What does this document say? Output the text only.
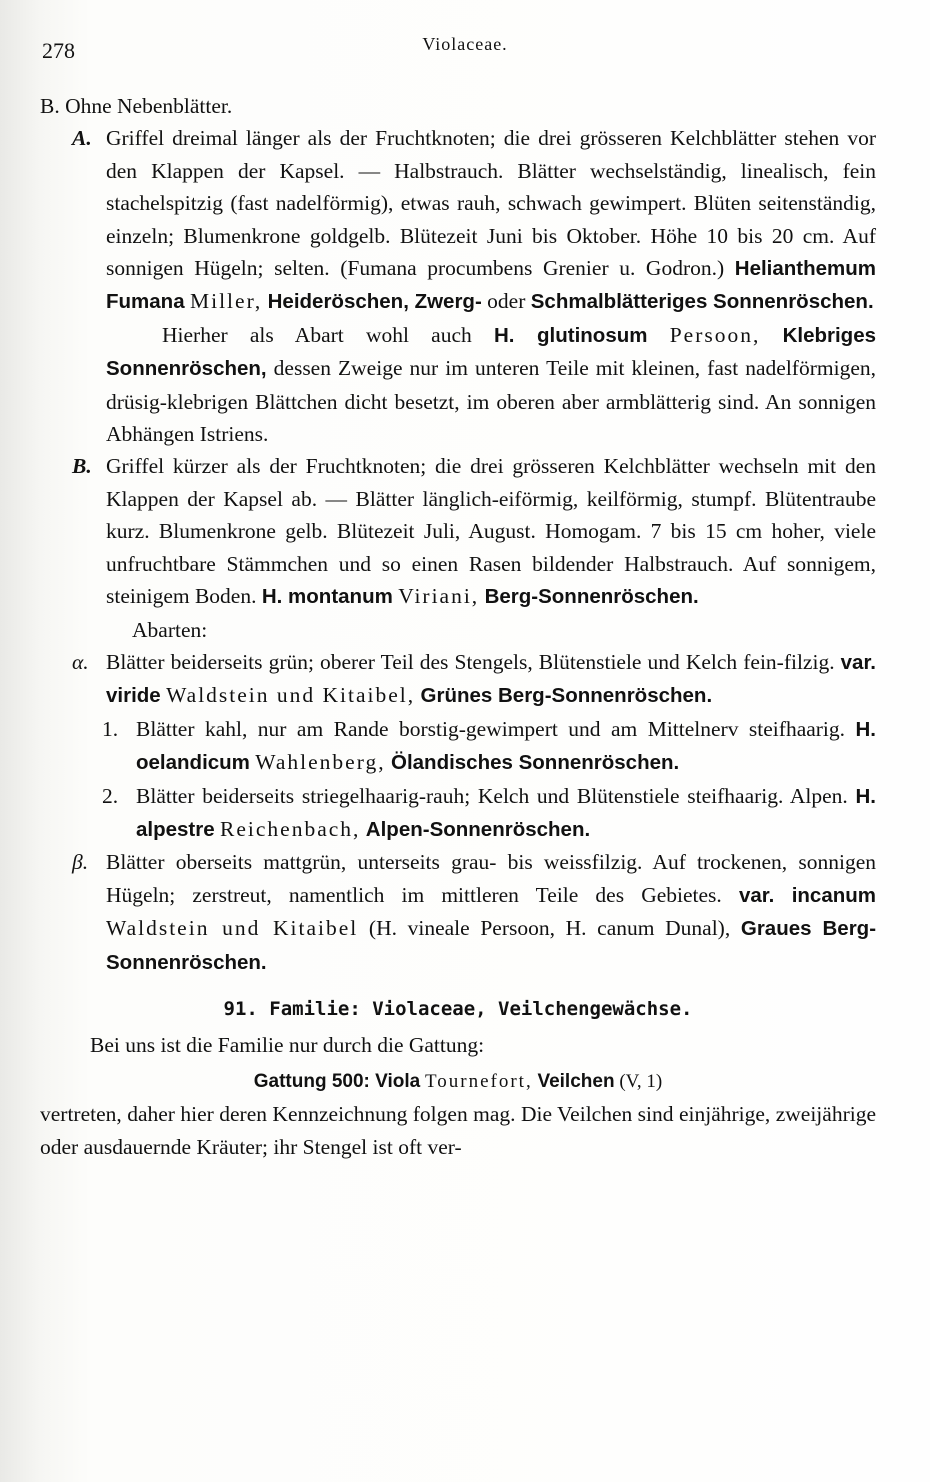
278	Violaceae.

B. Ohne Nebenblätter.

A. Griffel dreimal länger als der Fruchtknoten; die drei grösseren Kelchblätter stehen vor den Klappen der Kapsel. — Halbstrauch. Blätter wechselständig, linealisch, fein stachelspitzig (fast nadelförmig), etwas rauh, schwach gewimpert. Blüten seitenständig, einzeln; Blumenkrone goldgelb. Blütezeit Juni bis Oktober. Höhe 10 bis 20 cm. Auf sonnigen Hügeln; selten. (Fumana procumbens Grenier u. Godron.) Helianthemum Fumana Miller, Heideröschen, Zwerg- oder Schmalblätteriges Sonnenröschen.

Hierher als Abart wohl auch H. glutinosum Persoon, Klebriges Sonnenröschen, dessen Zweige nur im unteren Teile mit kleinen, fast nadelförmigen, drüsig-klebrigen Blättchen dicht besetzt, im oberen aber armblätterig sind. An sonnigen Abhängen Istriens.

B. Griffel kürzer als der Fruchtknoten; die drei grösseren Kelchblätter wechseln mit den Klappen der Kapsel ab. — Blätter länglich-eiförmig, keilförmig, stumpf. Blütentraube kurz. Blumenkrone gelb. Blütezeit Juli, August. Homogam. 7 bis 15 cm hoher, viele unfruchtbare Stämmchen und so einen Rasen bildender Halbstrauch. Auf sonnigem, steinigem Boden. H. montanum Viriani, Berg-Sonnenröschen.

Abarten:

α. Blätter beiderseits grün; oberer Teil des Stengels, Blütenstiele und Kelch fein-filzig. var. viride Waldstein und Kitaibel, Grünes Berg-Sonnenröschen.

1. Blätter kahl, nur am Rande borstig-gewimpert und am Mittelnerv steifhaarig. H. oelandicum Wahlenberg, Ölandisches Sonnenröschen.

2. Blätter beiderseits striegelhaarig-rauh; Kelch und Blütenstiele steifhaarig. Alpen. H. alpestre Reichenbach, Alpen-Sonnenröschen.

β. Blätter oberseits mattgrün, unterseits grau- bis weissfilzig. Auf trockenen, sonnigen Hügeln; zerstreut, namentlich im mittleren Teile des Gebietes. var. incanum Waldstein und Kitaibel (H. vineale Persoon, H. canum Dunal), Graues Berg-Sonnenröschen.

91. Familie: Violaceae, Veilchengewächse.

Bei uns ist die Familie nur durch die Gattung:

Gattung 500: Viola Tournefort, Veilchen (V, 1)

vertreten, daher hier deren Kennzeichnung folgen mag. Die Veilchen sind einjährige, zweijährige oder ausdauernde Kräuter; ihr Stengel ist oft ver-
